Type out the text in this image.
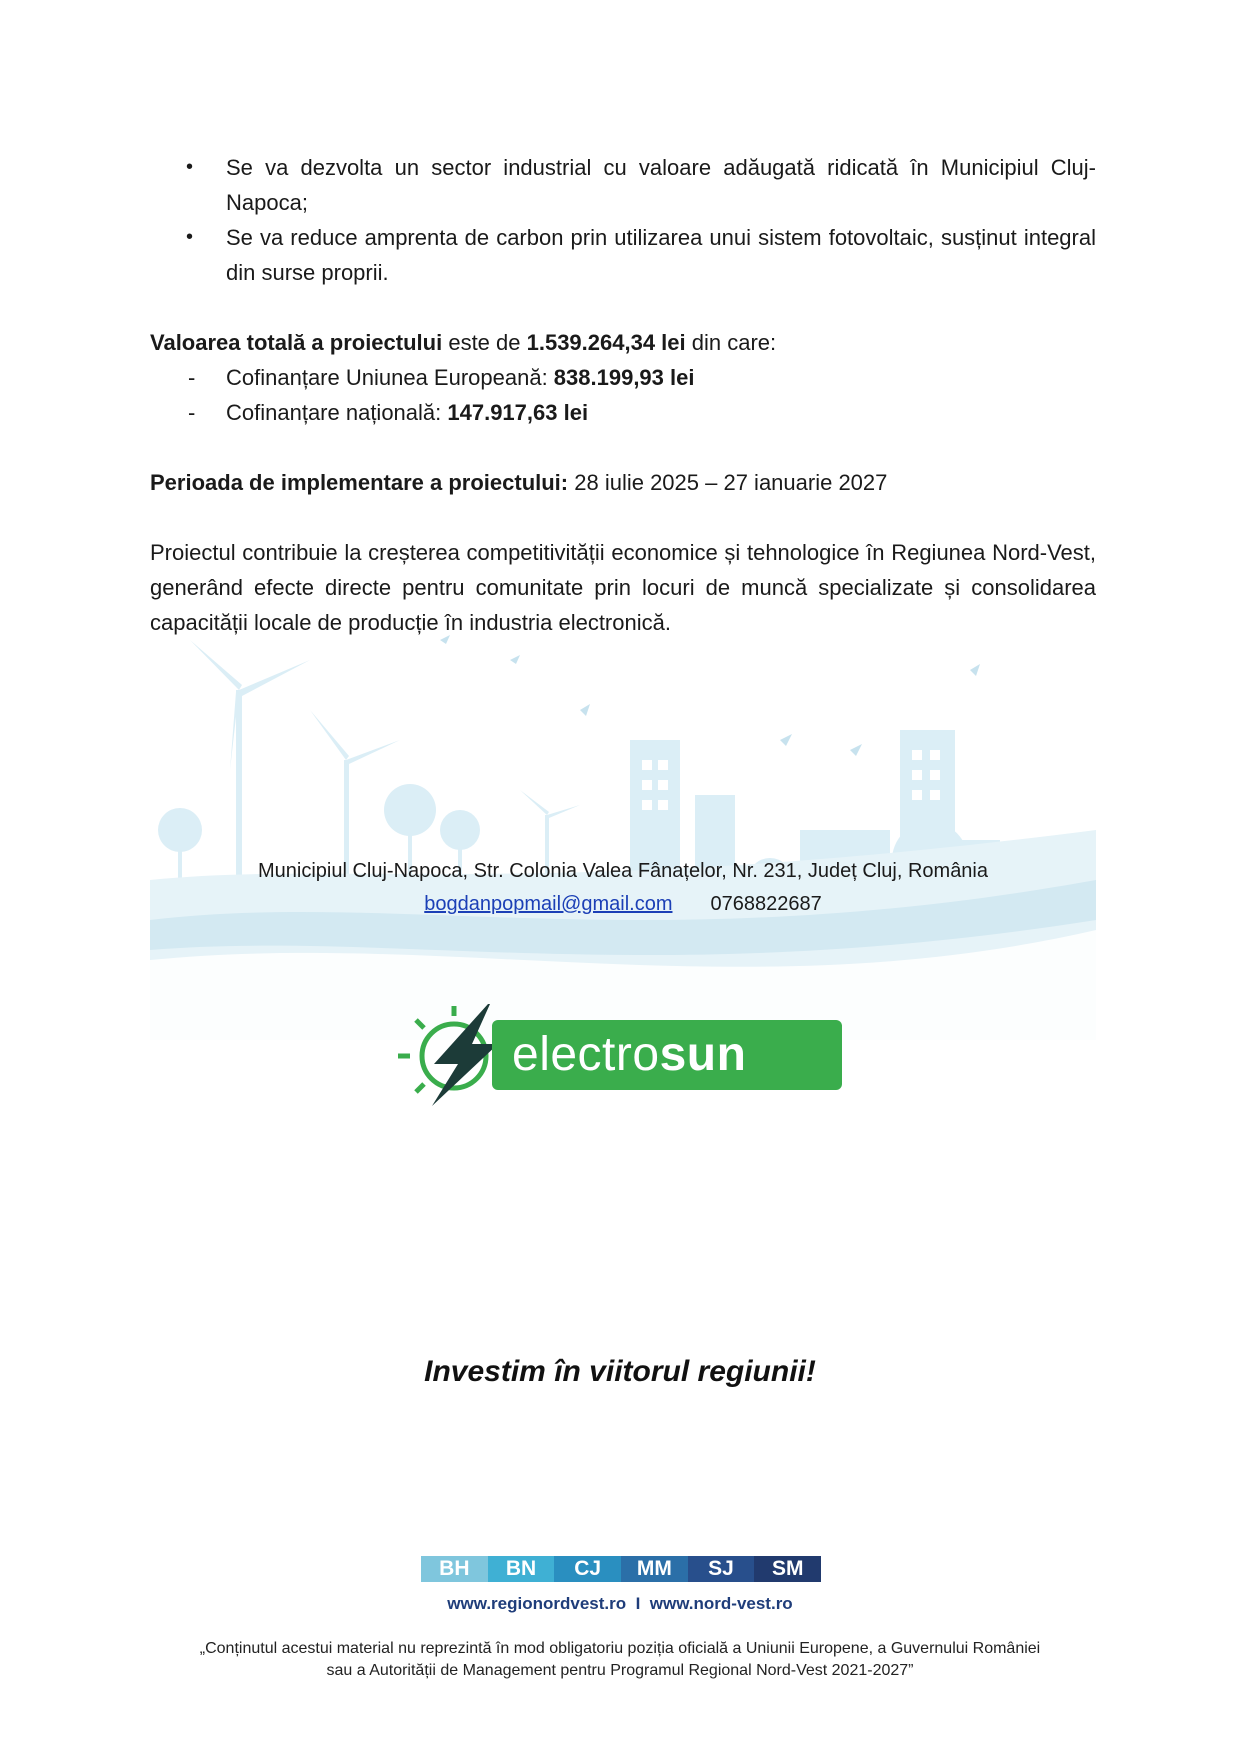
• Se va dezvolta un sector industrial cu valoare adăugată ridicată în Municipiul Cluj-Napoca;
• Se va reduce amprenta de carbon prin utilizarea unui sistem fotovoltaic, susținut integral din surse proprii.

Valoarea totală a proiectului este de 1.539.264,34 lei din care:

- Cofinanțare Uniunea Europeană: 838.199,93 lei
- Cofinanțare națională: 147.917,63 lei

Perioada de implementare a proiectului: 28 iulie 2025 – 27 ianuarie 2027

Proiectul contribuie la creșterea competitivității economice și tehnologice în Regiunea Nord-Vest, generând efecte directe pentru comunitate prin locuri de muncă specializate și consolidarea capacității locale de producție în industria electronică.

Municipiul Cluj-Napoca, Str. Colonia Valea Fânațelor, Nr. 231, Județ Cluj, România
bogdanpopmail@gmail.com 0768822687
electrosun
Investim în viitorul regiunii!
BH	BN	CJ	MM	SJ	SM
www.regionordvest.ro  I  www.nord-vest.ro
„Conținutul acestui material nu reprezintă în mod obligatoriu poziția oficială a Uniunii Europene, a Guvernului României sau a Autorității de Management pentru Programul Regional Nord-Vest 2021-2027”
